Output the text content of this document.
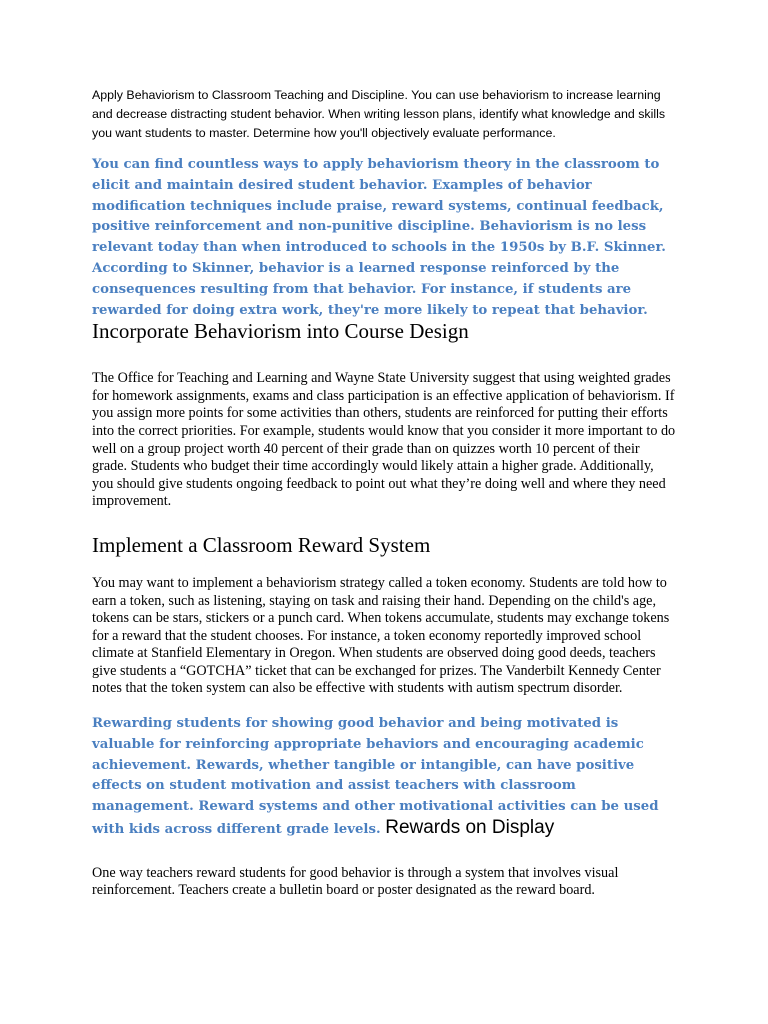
Apply Behaviorism to Classroom Teaching and Discipline. You can use behaviorism to increase learning and decrease distracting student behavior. When writing lesson plans, identify what knowledge and skills you want students to master. Determine how you'll objectively evaluate performance.

You can find countless ways to apply behaviorism theory in the classroom to elicit and maintain desired student behavior. Examples of behavior modification techniques include praise, reward systems, continual feedback, positive reinforcement and non-punitive discipline. Behaviorism is no less relevant today than when introduced to schools in the 1950s by B.F. Skinner. According to Skinner, behavior is a learned response reinforced by the consequences resulting from that behavior. For instance, if students are rewarded for doing extra work, they're more likely to repeat that behavior. Incorporate Behaviorism into Course Design

The Office for Teaching and Learning and Wayne State University suggest that using weighted grades for homework assignments, exams and class participation is an effective application of behaviorism. If you assign more points for some activities than others, students are reinforced for putting their efforts into the correct priorities. For example, students would know that you consider it more important to do well on a group project worth 40 percent of their grade than on quizzes worth 10 percent of their grade. Students who budget their time accordingly would likely attain a higher grade. Additionally, you should give students ongoing feedback to point out what they’re doing well and where they need improvement.

Implement a Classroom Reward System

You may want to implement a behaviorism strategy called a token economy. Students are told how to earn a token, such as listening, staying on task and raising their hand. Depending on the child's age, tokens can be stars, stickers or a punch card. When tokens accumulate, students may exchange tokens for a reward that the student chooses. For instance, a token economy reportedly improved school climate at Stanfield Elementary in Oregon. When students are observed doing good deeds, teachers give students a “GOTCHA” ticket that can be exchanged for prizes. The Vanderbilt Kennedy Center notes that the token system can also be effective with students with autism spectrum disorder.

Rewarding students for showing good behavior and being motivated is valuable for reinforcing appropriate behaviors and encouraging academic achievement. Rewards, whether tangible or intangible, can have positive effects on student motivation and assist teachers with classroom management. Reward systems and other motivational activities can be used with kids across different grade levels. Rewards on Display

One way teachers reward students for good behavior is through a system that involves visual reinforcement. Teachers create a bulletin board or poster designated as the reward board.
